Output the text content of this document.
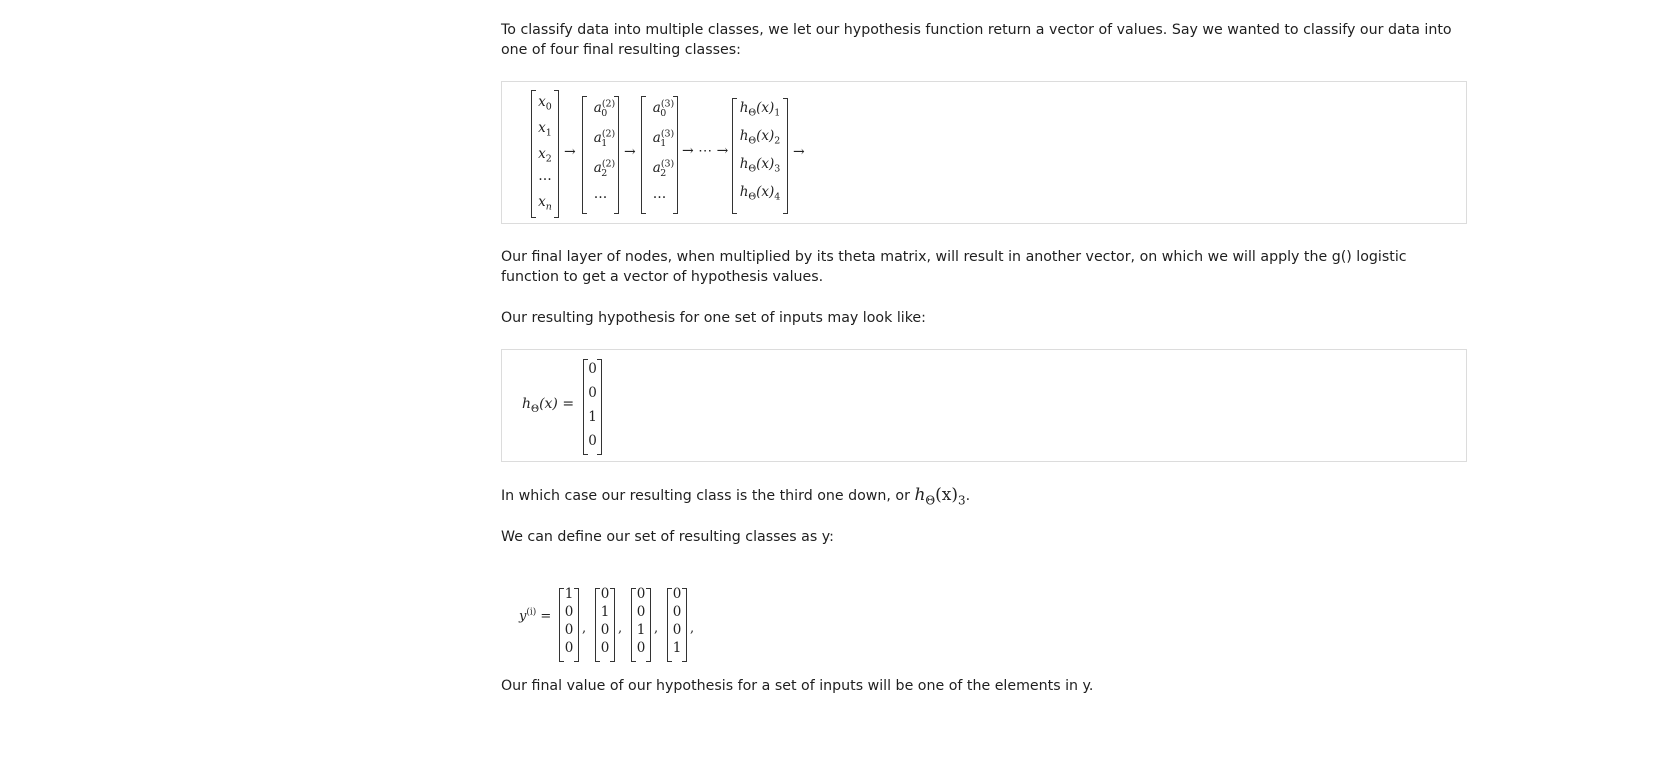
To classify data into multiple classes, we let our hypothesis function return a vector of values. Say we wanted to classify our data into one of four final resulting classes:

$x_0$
$x_1$
$x_2$
…
$x_n$
→
$a^{(2)}_0$
$a^{(2)}_1$
$a^{(2)}_2$
…
→
$a^{(3)}_0$
$a^{(3)}_1$
$a^{(3)}_2$
…
→ ⋯ →
$h_\Theta(x)_1$
$h_\Theta(x)_2$
$h_\Theta(x)_3$
$h_\Theta(x)_4$
→

Our final layer of nodes, when multiplied by its theta matrix, will result in another vector, on which we will apply the g() logistic function to get a vector of hypothesis values.

Our resulting hypothesis for one set of inputs may look like:

$h_\Theta(x)$ =
0
0
1
0

In which case our resulting class is the third one down, or $h_\Theta(x)_3$.

We can define our set of resulting classes as y:

$y^{(i)}$ =
1
0
0
0
,
0
1
0
0
,
0
0
1
0
,
0
0
0
1
,

Our final value of our hypothesis for a set of inputs will be one of the elements in y.
